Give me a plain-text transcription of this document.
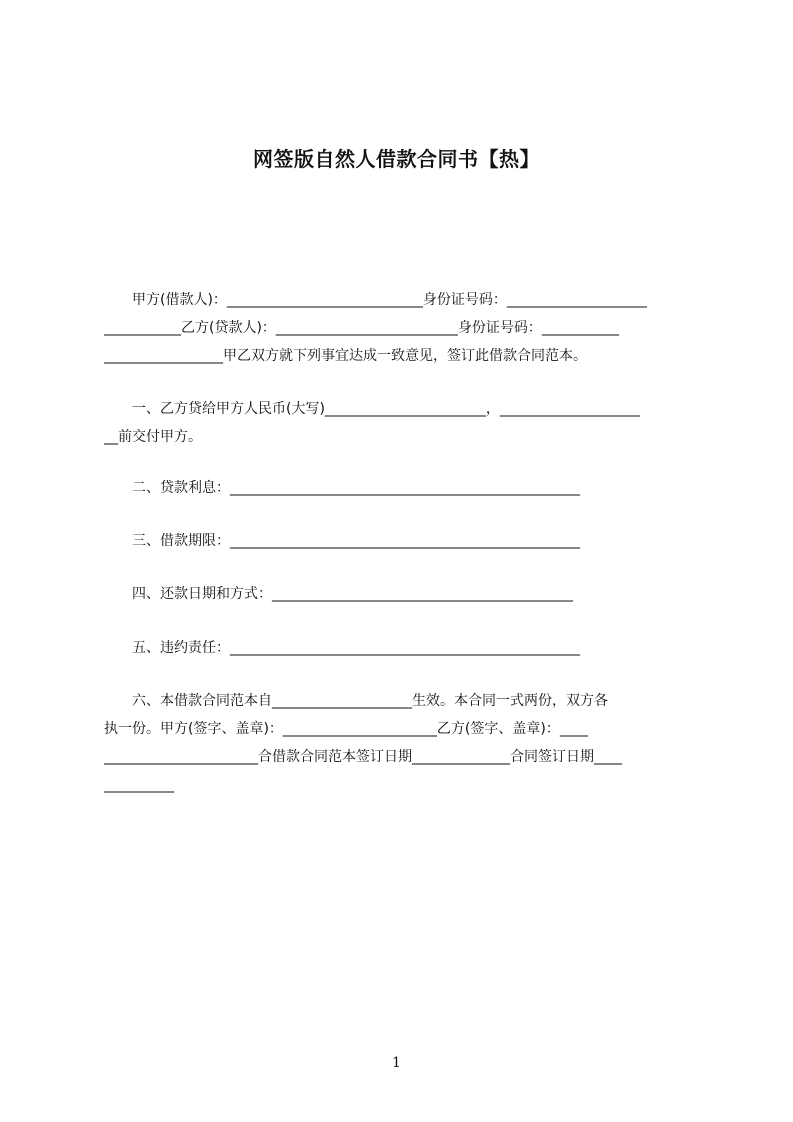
网签版自然人借款合同书【热】
　　甲方(借款人)：____________________________身份证号码：____________________
___________乙方(贷款人)：__________________________身份证号码：___________
_________________甲乙双方就下列事宜达成一致意见，签订此借款合同范本。
　　一、乙方贷给甲方人民币(大写)_______________________，____________________
__前交付甲方。
　　二、贷款利息：__________________________________________________
　　三、借款期限：__________________________________________________
　　四、还款日期和方式：___________________________________________
　　五、违约责任：__________________________________________________
　　六、本借款合同范本自____________________生效。本合同一式两份，双方各
执一份。甲方(签字、盖章)：______________________乙方(签字、盖章)：____
______________________合借款合同范本签订日期______________合同签订日期____
__________
1
